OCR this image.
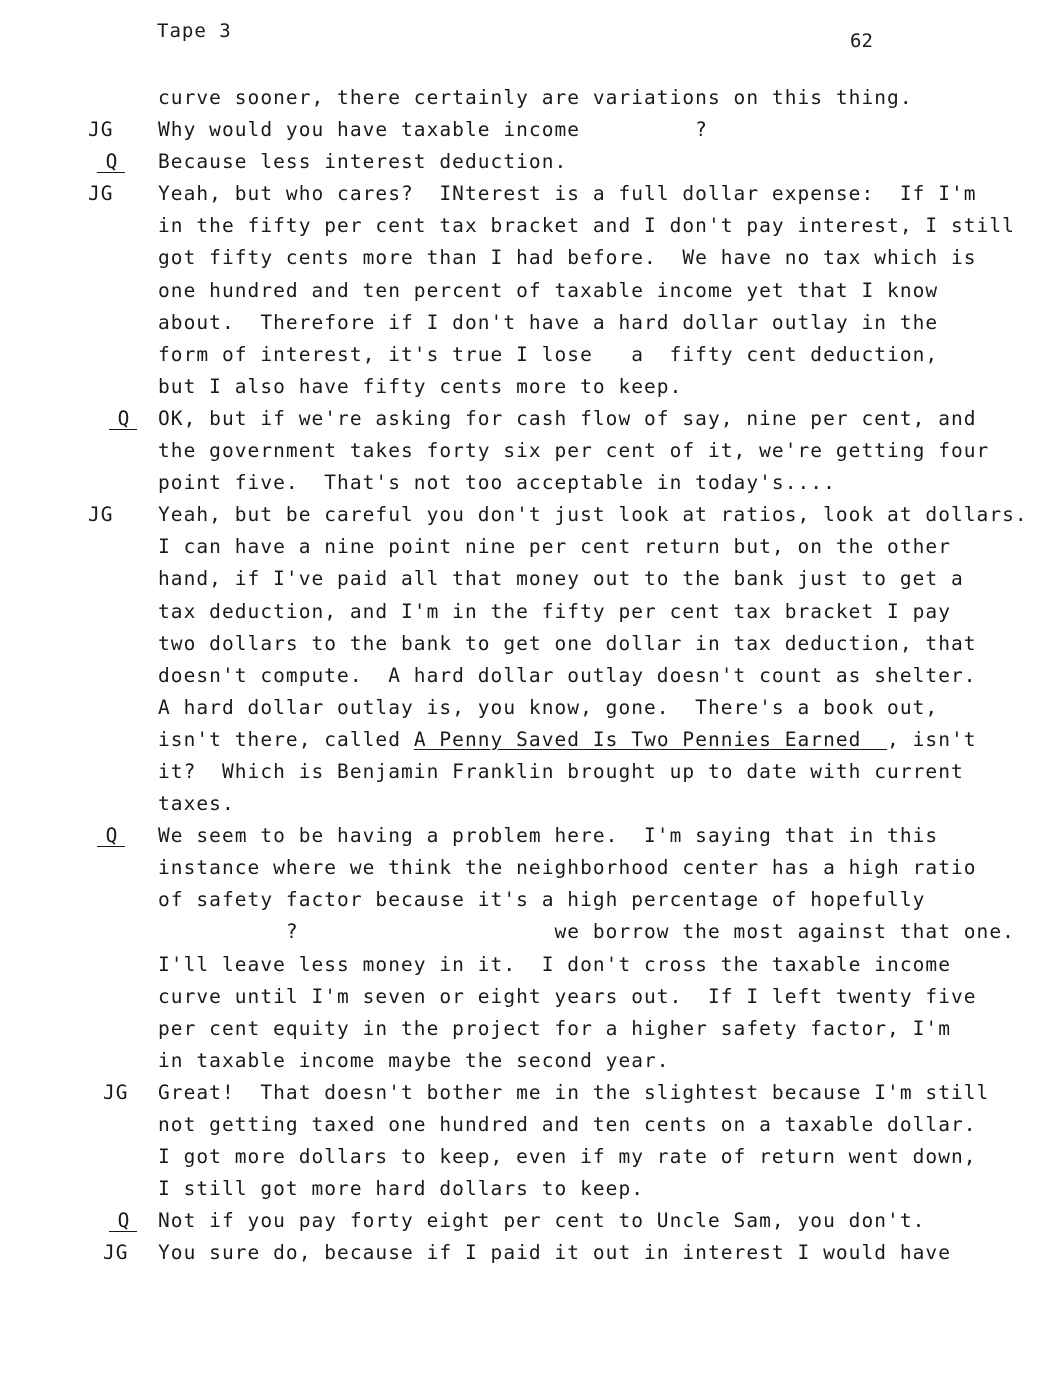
Tape 3	62
curve sooner, there certainly are variations on this thing.
JG	Why would you have taxable income         ?
Q	Because less interest deduction.
JG	Yeah, but who cares?  INterest is a full dollar expense:  If I'm
in the fifty per cent tax bracket and I don't pay interest, I still
got fifty cents more than I had before.  We have no tax which is
one hundred and ten percent of taxable income yet that I know
about.  Therefore if I don't have a hard dollar outlay in the
form of interest, it's true I lose   a  fifty cent deduction,
but I also have fifty cents more to keep.
Q	OK, but if we're asking for cash flow of say, nine per cent, and
the government takes forty six per cent of it, we're getting four
point five.  That's not too acceptable in today's....
JG	Yeah, but be careful you don't just look at ratios, look at dollars.
I can have a nine point nine per cent return but, on the other
hand, if I've paid all that money out to the bank just to get a
tax deduction, and I'm in the fifty per cent tax bracket I pay
two dollars to the bank to get one dollar in tax deduction, that
doesn't compute.  A hard dollar outlay doesn't count as shelter.
A hard dollar outlay is, you know, gone.  There's a book out,
isn't there, called A Penny Saved Is Two Pennies Earned  , isn't
it?  Which is Benjamin Franklin brought up to date with current
taxes.
Q	We seem to be having a problem here.  I'm saying that in this
instance where we think the neighborhood center has a high ratio
of safety factor because it's a high percentage of hopefully
?                    we borrow the most against that one.
I'll leave less money in it.  I don't cross the taxable income
curve until I'm seven or eight years out.  If I left twenty five
per cent equity in the project for a higher safety factor, I'm
in taxable income maybe the second year.
JG	Great!  That doesn't bother me in the slightest because I'm still
not getting taxed one hundred and ten cents on a taxable dollar.
I got more dollars to keep, even if my rate of return went down,
I still got more hard dollars to keep.
Q	Not if you pay forty eight per cent to Uncle Sam, you don't.
JG	You sure do, because if I paid it out in interest I would have
